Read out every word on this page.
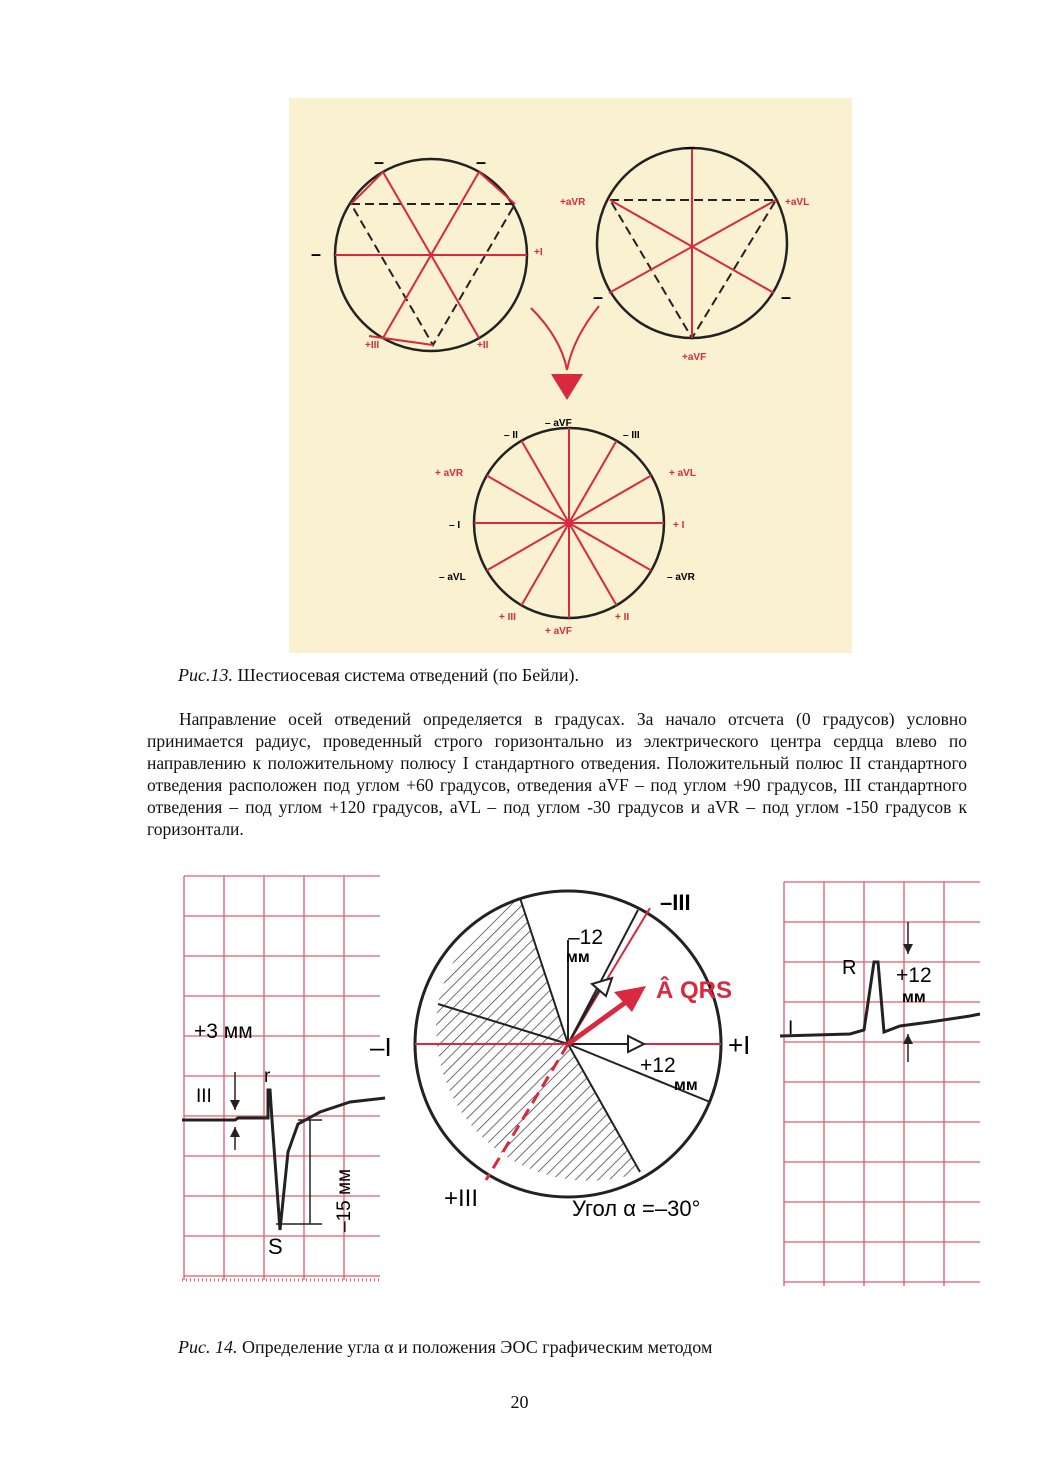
–	–
–	+I
+III	+II
–
+aVR	+aVL
–	–
+aVF
– aVF
– II	– III
+ aVR	+ aVL
– I	+ I
– aVL	– aVR
+ III	+ II
+ aVF
Рис.13. Шестиосевая система отведений (по Бейли).
Направление осей отведений определяется в градусах. За начало отсчета (0 градусов) условно принимается радиус, проведенный строго горизонтально из электрического центра сердца влево по направлению к положительному полюсу I стандартного отведения. Положительный полюс II стандартного отведения расположен под углом +60 градусов, отведения aVF – под углом +90 градусов, III стандартного отведения – под углом +120 градусов, aVL – под углом -30 градусов и aVR – под углом -150 градусов к горизонтали.
+3 мм
III
r
S
–15 мм
–III
–12
мм
Â QRS
–I	+I
+12
мм
+III	Угол α =–30°
I
R +12
мм
Рис. 14. Определение угла α и положения ЭОС графическим методом
20
